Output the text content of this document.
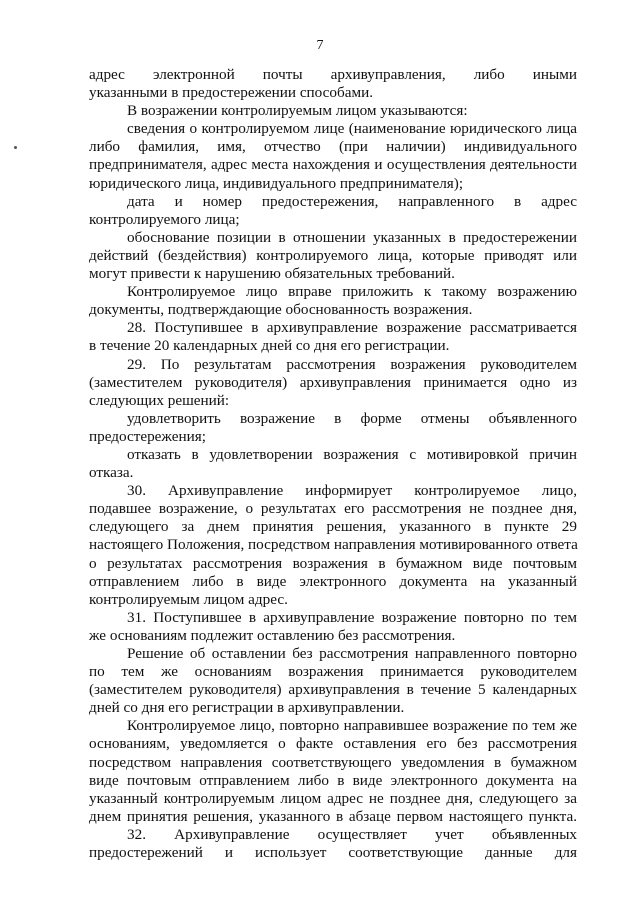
7
адрес электронной почты архивуправления, либо иными
указанными в предостережении способами.
В возражении контролируемым лицом указываются:
сведения о контролируемом лице (наименование юридического лица
либо фамилия, имя, отчество (при наличии) индивидуального
предпринимателя, адрес места нахождения и осуществления деятельности
юридического лица, индивидуального предпринимателя);
дата и номер предостережения, направленного в адрес
контролируемого лица;
обоснование позиции в отношении указанных в предостережении
действий (бездействия) контролируемого лица, которые приводят или
могут привести к нарушению обязательных требований.
Контролируемое лицо вправе приложить к такому возражению
документы, подтверждающие обоснованность возражения.
28. Поступившее в архивуправление возражение рассматривается
в течение 20 календарных дней со дня его регистрации.
29. По результатам рассмотрения возражения руководителем
(заместителем руководителя) архивуправления принимается одно из
следующих решений:
удовлетворить возражение в форме отмены объявленного
предостережения;
отказать в удовлетворении возражения с мотивировкой причин
отказа.
30. Архивуправление информирует контролируемое лицо,
подавшее возражение, о результатах его рассмотрения не позднее дня,
следующего за днем принятия решения, указанного в пункте 29
настоящего Положения, посредством направления мотивированного ответа
о результатах рассмотрения возражения в бумажном виде почтовым
отправлением либо в виде электронного документа на указанный
контролируемым лицом адрес.
31. Поступившее в архивуправление возражение повторно по тем
же основаниям подлежит оставлению без рассмотрения.
Решение об оставлении без рассмотрения направленного повторно
по тем же основаниям возражения принимается руководителем
(заместителем руководителя) архивуправления в течение 5 календарных
дней со дня его регистрации в архивуправлении.
Контролируемое лицо, повторно направившее возражение по тем же
основаниям, уведомляется о факте оставления его без рассмотрения
посредством направления соответствующего уведомления в бумажном
виде почтовым отправлением либо в виде электронного документа на
указанный контролируемым лицом адрес не позднее дня, следующего за
днем принятия решения, указанного в абзаце первом настоящего пункта.
32. Архивуправление осуществляет учет объявленных
предостережений и использует соответствующие данные для
